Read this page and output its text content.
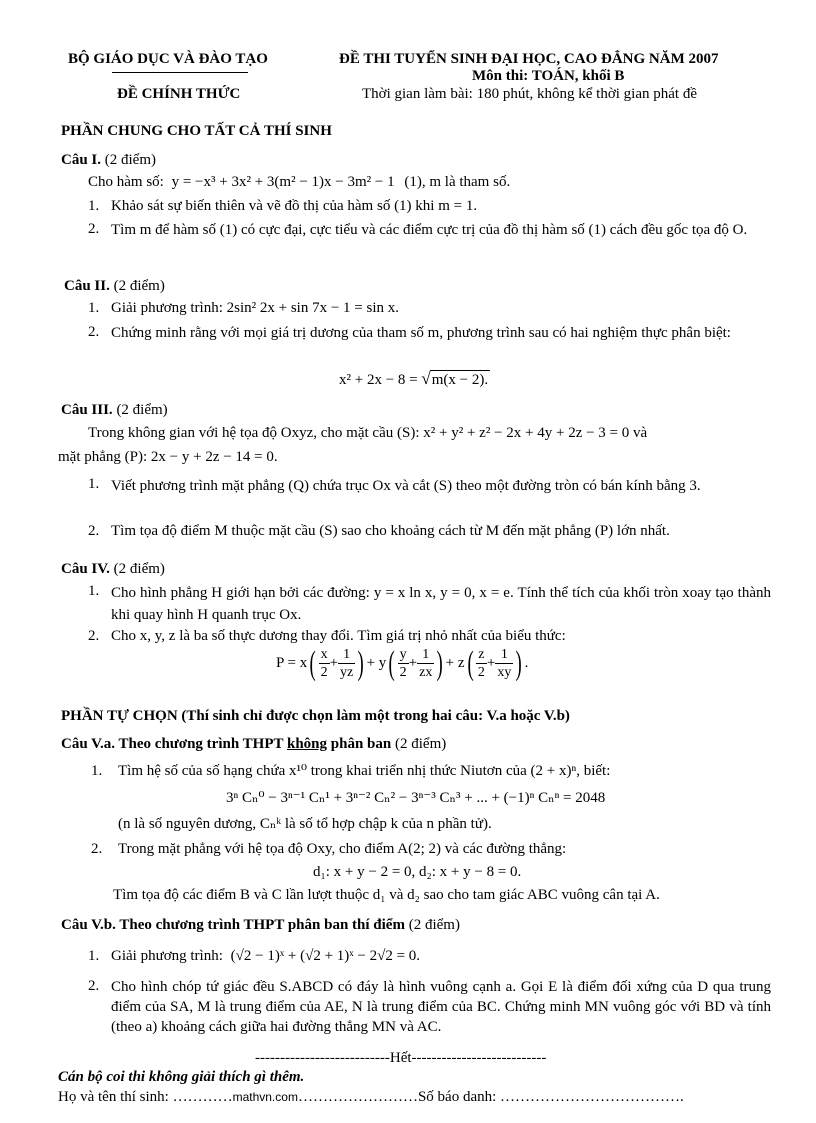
BỘ GIÁO DỤC VÀ ĐÀO TẠO
ĐỀ CHÍNH THỨC
ĐỀ THI TUYỂN SINH ĐẠI HỌC, CAO ĐẲNG NĂM 2007
Môn thi: TOÁN, khối B
Thời gian làm bài: 180 phút, không kể thời gian phát đề
PHẦN CHUNG CHO TẤT CẢ THÍ SINH
Câu I. (2 điểm)
Cho hàm số: y = −x³ + 3x² + 3(m² − 1)x − 3m² − 1 (1), m là tham số.
1. Khảo sát sự biến thiên và vẽ đồ thị của hàm số (1) khi m = 1.
2. Tìm m để hàm số (1) có cực đại, cực tiểu và các điểm cực trị của đồ thị hàm số (1) cách đều gốc tọa độ O.
Câu II. (2 điểm)
1. Giải phương trình: 2sin² 2x + sin 7x − 1 = sin x.
2. Chứng minh rằng với mọi giá trị dương của tham số m, phương trình sau có hai nghiệm thực phân biệt:
x² + 2x − 8 = √m(x − 2).
Câu III. (2 điểm)
Trong không gian với hệ tọa độ Oxyz, cho mặt cầu (S): x² + y² + z² − 2x + 4y + 2z − 3 = 0 và
mặt phẳng (P): 2x − y + 2z − 14 = 0.
1. Viết phương trình mặt phẳng (Q) chứa trục Ox và cắt (S) theo một đường tròn có bán kính bằng 3.
2. Tìm tọa độ điểm M thuộc mặt cầu (S) sao cho khoảng cách từ M đến mặt phẳng (P) lớn nhất.
Câu IV. (2 điểm)
1. Cho hình phẳng H giới hạn bởi các đường: y = x ln x, y = 0, x = e. Tính thể tích của khối tròn xoay tạo thành khi quay hình H quanh trục Ox.
2. Cho x, y, z là ba số thực dương thay đổi. Tìm giá trị nhỏ nhất của biểu thức:
$P = x( \frac{x}{2} + \frac{1}{yz}$ ) + $y( \frac{y}{2} + \frac{1}{zx}$ ) + $z( \frac{z}{2} + \frac{1}{xy}$ ) .
PHẦN TỰ CHỌN (Thí sinh chỉ được chọn làm một trong hai câu: V.a hoặc V.b)
Câu V.a. Theo chương trình THPT không phân ban (2 điểm)
1. Tìm hệ số của số hạng chứa x¹⁰ trong khai triển nhị thức Niutơn của (2 + x)ⁿ, biết:
3ⁿ Cₙ⁰ − 3ⁿ⁻¹ Cₙ¹ + 3ⁿ⁻² Cₙ² − 3ⁿ⁻³ Cₙ³ + ... + (−1)ⁿ Cₙⁿ = 2048
(n là số nguyên dương, Cₙᵏ là số tổ hợp chập k của n phần tử).
2. Trong mặt phẳng với hệ tọa độ Oxy, cho điểm A(2; 2) và các đường thẳng:
d₁: x + y − 2 = 0, d₂: x + y − 8 = 0.
Tìm tọa độ các điểm B và C lần lượt thuộc d₁ và d₂ sao cho tam giác ABC vuông cân tại A.
Câu V.b. Theo chương trình THPT phân ban thí điểm (2 điểm)
1. Giải phương trình: (√2 − 1)ˣ + (√2 + 1)ˣ − 2√2 = 0.
2. Cho hình chóp tứ giác đều S.ABCD có đáy là hình vuông cạnh a. Gọi E là điểm đối xứng của D qua trung điểm của SA, M là trung điểm của AE, N là trung điểm của BC. Chứng minh MN vuông góc với BD và tính (theo a) khoảng cách giữa hai đường thẳng MN và AC.
---------------------------Hết---------------------------
Cán bộ coi thi không giải thích gì thêm.
Họ và tên thí sinh: …………mathvn.com……………………Số báo danh: ……………………………….
